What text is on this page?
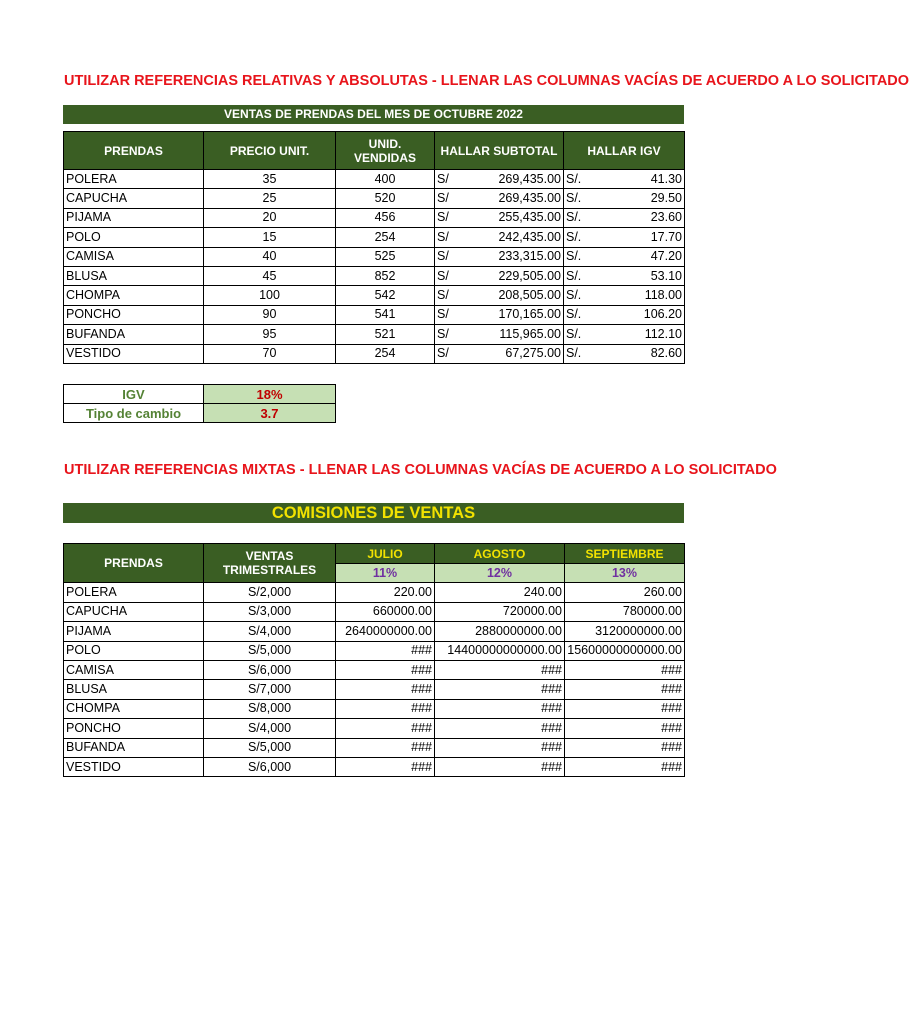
UTILIZAR REFERENCIAS RELATIVAS Y ABSOLUTAS - LLENAR LAS COLUMNAS VACÍAS DE ACUERDO A LO SOLICITADO
VENTAS DE PRENDAS DEL MES DE OCTUBRE 2022
PRENDAS	PRECIO UNIT.	UNID. VENDIDAS	HALLAR SUBTOTAL		HALLAR IGV	
POLERA	35	400	S/	269,435.00	S/.	41.30
CAPUCHA	25	520	S/	269,435.00	S/.	29.50
PIJAMA	20	456	S/	255,435.00	S/.	23.60
POLO	15	254	S/	242,435.00	S/.	17.70
CAMISA	40	525	S/	233,315.00	S/.	47.20
BLUSA	45	852	S/	229,505.00	S/.	53.10
CHOMPA	100	542	S/	208,505.00	S/.	118.00
PONCHO	90	541	S/	170,165.00	S/.	106.20
BUFANDA	95	521	S/	115,965.00	S/.	112.10
VESTIDO	70	254	S/	67,275.00	S/.	82.60
IGV	18%
Tipo de cambio	3.7
UTILIZAR REFERENCIAS MIXTAS - LLENAR LAS COLUMNAS VACÍAS DE ACUERDO A LO SOLICITADO
COMISIONES DE VENTAS
PRENDAS	VENTAS TRIMESTRALES	JULIO	AGOSTO	SEPTIEMBRE
		11%	12%	13%
POLERA	S/2,000	220.00	240.00	260.00
CAPUCHA	S/3,000	660000.00	720000.00	780000.00
PIJAMA	S/4,000	2640000000.00	2880000000.00	3120000000.00
POLO	S/5,000	###	14400000000000.00	15600000000000.00
CAMISA	S/6,000	###	###	###
BLUSA	S/7,000	###	###	###
CHOMPA	S/8,000	###	###	###
PONCHO	S/4,000	###	###	###
BUFANDA	S/5,000	###	###	###
VESTIDO	S/6,000	###	###	###
